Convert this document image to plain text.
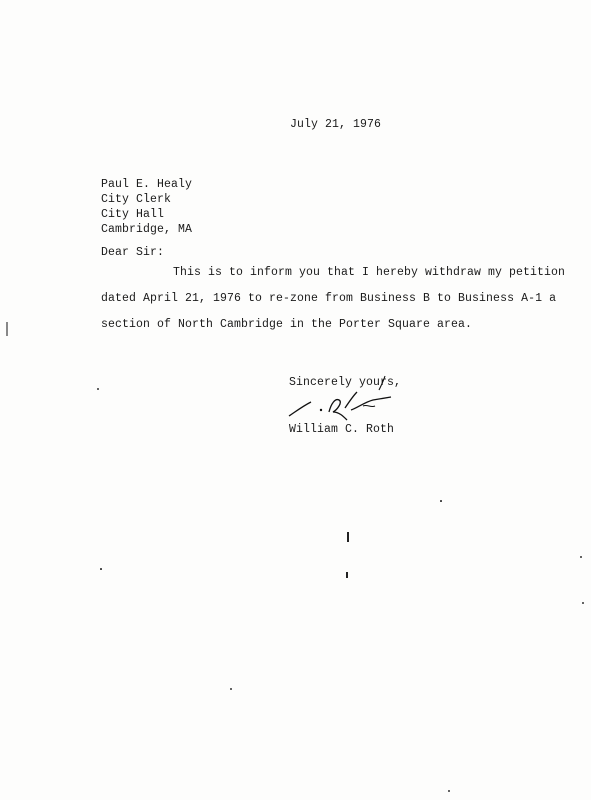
July 21, 1976
Paul E. Healy
City Clerk
City Hall
Cambridge, MA
Dear Sir:
This is to inform you that I hereby withdraw my petition
dated April 21, 1976 to re-zone from Business B to Business A-1 a
section of North Cambridge in the Porter Square area.
Sincerely yours,
William C. Roth
